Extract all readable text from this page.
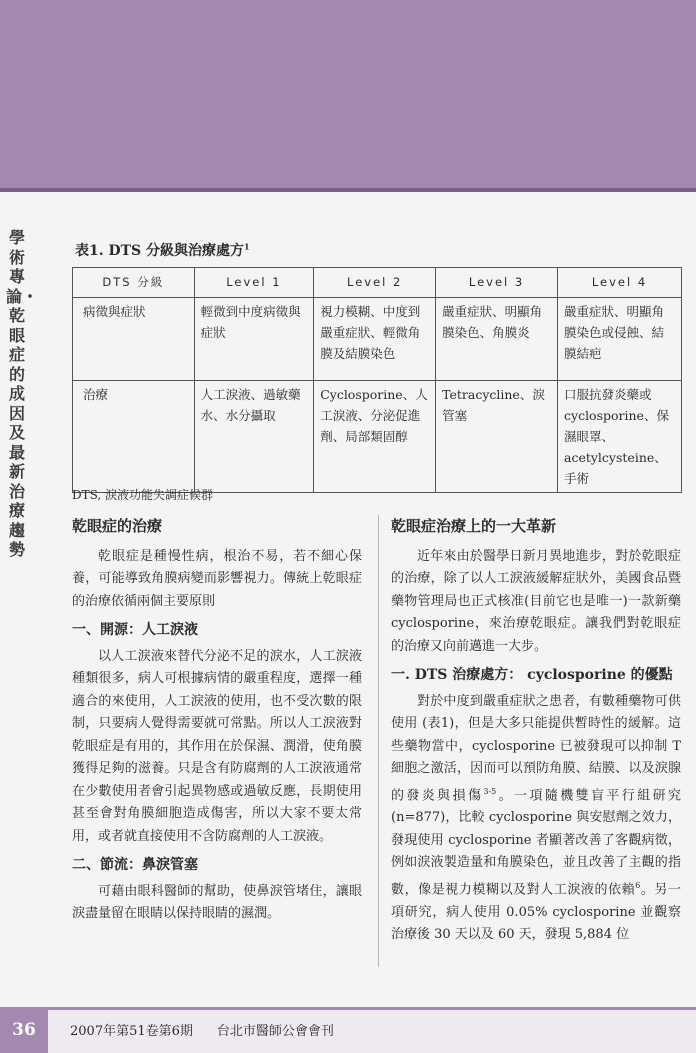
學術專論・乾眼症的成因及最新治療趨勢
表1. DTS 分級與治療處方$^1$
DTS 分級	Level 1	Level 2	Level 3	Level 4
病徵與症狀	輕微到中度病徵與症狀	視力模糊、中度到嚴重症狀、輕微角膜及結膜染色	嚴重症狀、明顯角膜染色、角膜炎	嚴重症狀、明顯角膜染色或侵蝕、結膜結疤
治療	人工淚液、過敏藥水、水分攝取	Cyclosporine、人工淚液、分泌促進劑、局部類固醇	Tetracycline、淚管塞	口服抗發炎藥或cyclosporine、保濕眼罩、acetylcysteine、手術
DTS, 淚液功能失調症候群
乾眼症的治療

乾眼症是種慢性病，根治不易，若不細心保養，可能導致角膜病變而影響視力。傳統上乾眼症的治療依循兩個主要原則

一、開源：人工淚液

以人工淚液來替代分泌不足的淚水，人工淚液種類很多，病人可根據病情的嚴重程度，選擇一種適合的來使用，人工淚液的使用，也不受次數的限制，只要病人覺得需要就可常點。所以人工淚液對乾眼症是有用的，其作用在於保濕、潤滑，使角膜獲得足夠的滋養。只是含有防腐劑的人工淚液通常在少數使用者會引起異物感或過敏反應，長期使用甚至會對角膜細胞造成傷害，所以大家不要太常用，或者就直接使用不含防腐劑的人工淚液。

二、節流：鼻淚管塞

可藉由眼科醫師的幫助，使鼻淚管堵住，讓眼淚盡量留在眼睛以保持眼睛的濕潤。

乾眼症治療上的一大革新

近年來由於醫學日新月異地進步，對於乾眼症的治療，除了以人工淚液緩解症狀外，美國食品暨藥物管理局也正式核准(目前它也是唯一)一款新藥cyclosporine，來治療乾眼症。讓我們對乾眼症的治療又向前邁進一大步。

一. DTS 治療處方： cyclosporine 的優點

對於中度到嚴重症狀之患者，有數種藥物可供使用 (表1)，但是大多只能提供暫時性的緩解。這些藥物當中，cyclosporine 已被發現可以抑制 T 細胞之激活，因而可以預防角膜、結膜、以及淚腺的發炎與損傷$^{3-5}$。一項隨機雙盲平行組研究 (n=877)，比較 cyclosporine 與安慰劑之效力，發現使用 cyclosporine 者顯著改善了客觀病徵，例如淚液製造量和角膜染色，並且改善了主觀的指數，像是視力模糊以及對人工淚液的依賴$^6$。另一項研究，病人使用 0.05% cyclosporine 並觀察治療後 30 天以及 60 天，發現 5,884 位

36	2007年第51卷第6期 台北市醫師公會會刊
